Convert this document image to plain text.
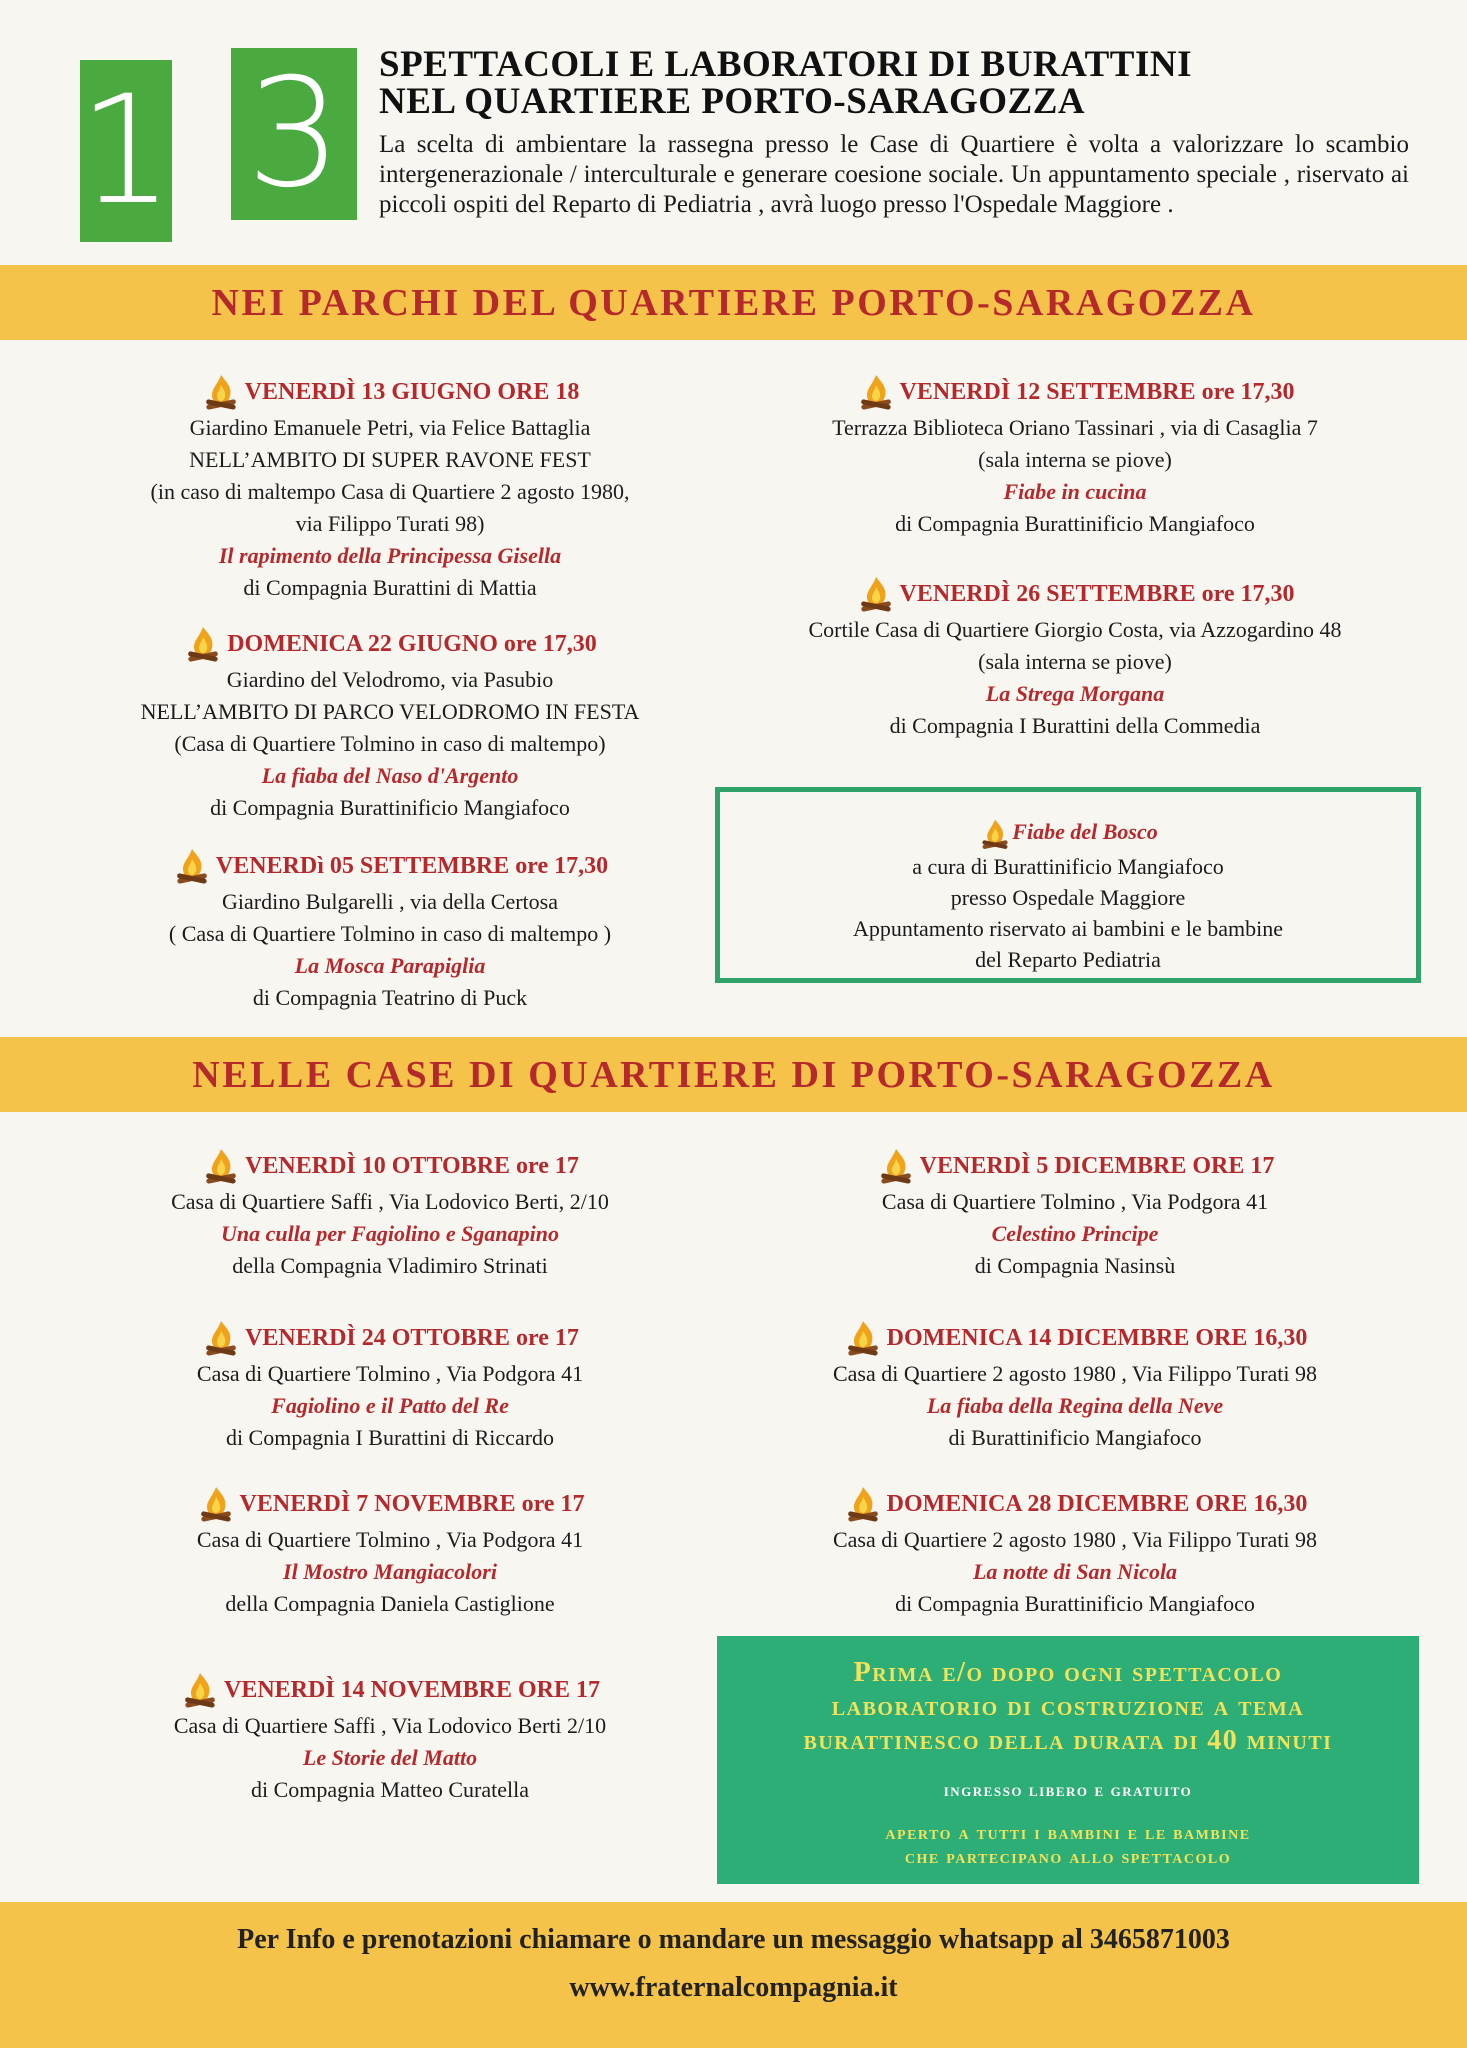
1 3 SPETTACOLI E LABORATORI DI BURATTINI
NEL QUARTIERE PORTO-SARAGOZZA
La scelta di ambientare la rassegna presso le Case di Quartiere è volta a valorizzare lo scambio intergenerazionale / interculturale e generare coesione sociale. Un appuntamento speciale , riservato ai piccoli ospiti del Reparto di Pediatria , avrà luogo presso l'Ospedale Maggiore .
NEI PARCHI DEL QUARTIERE PORTO-SARAGOZZA
VENERDÌ 13 GIUGNO ORE 18
Giardino Emanuele Petri, via Felice Battaglia
NELL’AMBITO DI SUPER RAVONE FEST
(in caso di maltempo Casa di Quartiere 2 agosto 1980,
via Filippo Turati 98)
Il rapimento della Principessa Gisella
di Compagnia Burattini di Mattia
DOMENICA 22 GIUGNO ore 17,30
Giardino del Velodromo, via Pasubio
NELL’AMBITO DI PARCO VELODROMO IN FESTA
(Casa di Quartiere Tolmino in caso di maltempo)
La fiaba del Naso d'Argento
di Compagnia Burattinificio Mangiafoco
VENERDì 05 SETTEMBRE ore 17,30
Giardino Bulgarelli , via della Certosa
( Casa di Quartiere Tolmino in caso di maltempo )
La Mosca Parapiglia
di Compagnia Teatrino di Puck
VENERDÌ 12 SETTEMBRE ore 17,30
Terrazza Biblioteca Oriano Tassinari , via di Casaglia 7
(sala interna se piove)
Fiabe in cucina
di Compagnia Burattinificio Mangiafoco
VENERDÌ 26 SETTEMBRE ore 17,30
Cortile Casa di Quartiere Giorgio Costa, via Azzogardino 48
(sala interna se piove)
La Strega Morgana
di Compagnia I Burattini della Commedia
Fiabe del Bosco
a cura di Burattinificio Mangiafoco
presso Ospedale Maggiore
Appuntamento riservato ai bambini e le bambine
del Reparto Pediatria
NELLE CASE DI QUARTIERE DI PORTO-SARAGOZZA
VENERDÌ 10 OTTOBRE ore 17
Casa di Quartiere Saffi , Via Lodovico Berti, 2/10
Una culla per Fagiolino e Sganapino
della Compagnia Vladimiro Strinati
VENERDÌ 24 OTTOBRE ore 17
Casa di Quartiere Tolmino , Via Podgora 41
Fagiolino e il Patto del Re
di Compagnia I Burattini di Riccardo
VENERDÌ 7 NOVEMBRE ore 17
Casa di Quartiere Tolmino , Via Podgora 41
Il Mostro Mangiacolori
della Compagnia Daniela Castiglione
VENERDÌ 14 NOVEMBRE ORE 17
Casa di Quartiere Saffi , Via Lodovico Berti 2/10
Le Storie del Matto
di Compagnia Matteo Curatella
VENERDÌ 5 DICEMBRE ORE 17
Casa di Quartiere Tolmino , Via Podgora 41
Celestino Principe
di Compagnia Nasinsù
DOMENICA 14 DICEMBRE ORE 16,30
Casa di Quartiere 2 agosto 1980 , Via Filippo Turati 98
La fiaba della Regina della Neve
di Burattinificio Mangiafoco
DOMENICA 28 DICEMBRE ORE 16,30
Casa di Quartiere 2 agosto 1980 , Via Filippo Turati 98
La notte di San Nicola
di Compagnia Burattinificio Mangiafoco
Prima e/o dopo ogni spettacolo
laboratorio di costruzione a tema
burattinesco della durata di 40 minuti
ingresso libero e gratuito
aperto a tutti i bambini e le bambine
che partecipano allo spettacolo
Per Info e prenotazioni chiamare o mandare un messaggio whatsapp al 3465871003
www.fraternalcompagnia.it
